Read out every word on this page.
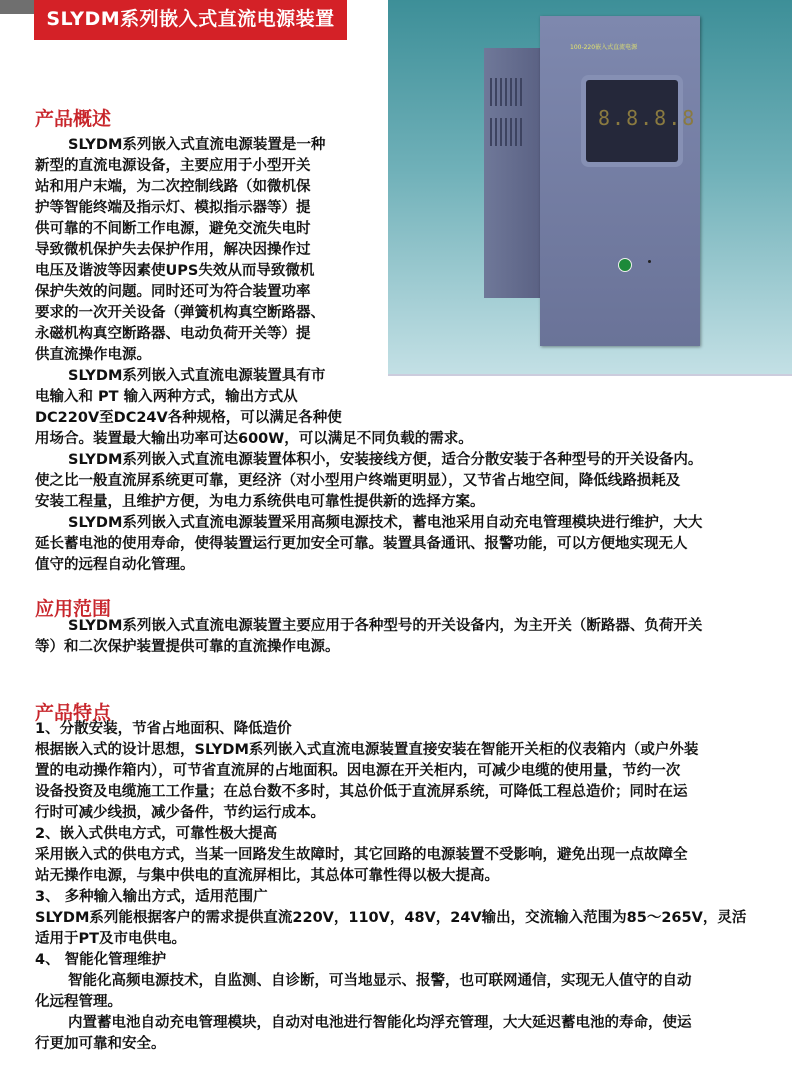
SLYDM系列嵌入式直流电源装置
100-220嵌入式直流电源
8.8.8.8
产品概述
SLYDM系列嵌入式直流电源装置是一种
新型的直流电源设备，主要应用于小型开关
站和用户末端，为二次控制线路（如微机保
护等智能终端及指示灯、模拟指示器等）提
供可靠的不间断工作电源，避免交流失电时
导致微机保护失去保护作用，解决因操作过
电压及谐波等因素使UPS失效从而导致微机
保护失效的问题。同时还可为符合装置功率
要求的一次开关设备（弹簧机构真空断路器、
永磁机构真空断路器、电动负荷开关等）提
供直流操作电源。
SLYDM系列嵌入式直流电源装置具有市
电输入和 PT 输入两种方式，输出方式从
DC220V至DC24V各种规格，可以满足各种使
用场合。装置最大输出功率可达600W，可以满足不同负载的需求。
SLYDM系列嵌入式直流电源装置体积小，安装接线方便，适合分散安装于各种型号的开关设备内。
使之比一般直流屏系统更可靠，更经济（对小型用户终端更明显），又节省占地空间，降低线路损耗及
安装工程量，且维护方便，为电力系统供电可靠性提供新的选择方案。
SLYDM系列嵌入式直流电源装置采用高频电源技术，蓄电池采用自动充电管理模块进行维护，大大
延长蓄电池的使用寿命，使得装置运行更加安全可靠。装置具备通讯、报警功能，可以方便地实现无人
值守的远程自动化管理。
应用范围
SLYDM系列嵌入式直流电源装置主要应用于各种型号的开关设备内，为主开关（断路器、负荷开关
等）和二次保护装置提供可靠的直流操作电源。
产品特点
1、分散安装，节省占地面积、降低造价
根据嵌入式的设计思想，SLYDM系列嵌入式直流电源装置直接安装在智能开关柜的仪表箱内（或户外装
置的电动操作箱内），可节省直流屏的占地面积。因电源在开关柜内，可减少电缆的使用量，节约一次
设备投资及电缆施工工作量；在总台数不多时，其总价低于直流屏系统，可降低工程总造价；同时在运
行时可减少线损，减少备件，节约运行成本。
2、嵌入式供电方式，可靠性极大提高
采用嵌入式的供电方式，当某一回路发生故障时，其它回路的电源装置不受影响，避免出现一点故障全
站无操作电源，与集中供电的直流屏相比，其总体可靠性得以极大提高。
3、 多种输入输出方式，适用范围广
SLYDM系列能根据客户的需求提供直流220V，110V，48V，24V输出，交流输入范围为85～265V，灵活
适用于PT及市电供电。
4、 智能化管理维护
智能化高频电源技术，自监测、自诊断，可当地显示、报警，也可联网通信，实现无人值守的自动
化远程管理。
内置蓄电池自动充电管理模块，自动对电池进行智能化均浮充管理，大大延迟蓄电池的寿命，使运
行更加可靠和安全。
